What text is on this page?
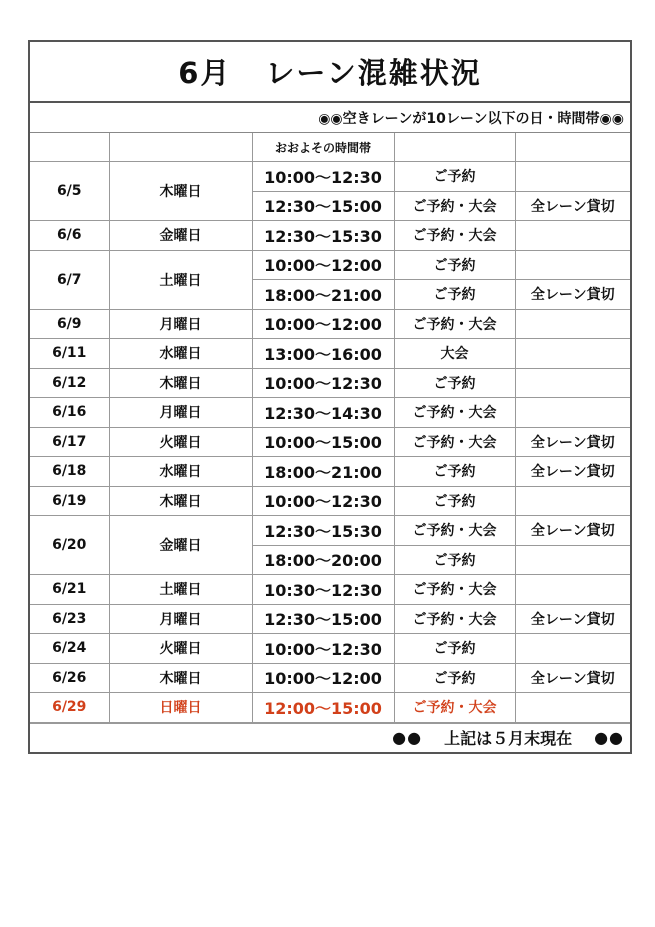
6月 レーン混雑状況
◉◉空きレーンが10レーン以下の日・時間帯◉◉
		おおよその時間帯		
6/5	木曜日	10:00〜12:30	ご予約	
		12:30〜15:00	ご予約・大会	全レーン貸切
6/6	金曜日	12:30〜15:30	ご予約・大会	
6/7	土曜日	10:00〜12:00	ご予約	
		18:00〜21:00	ご予約	全レーン貸切
6/9	月曜日	10:00〜12:00	ご予約・大会	
6/11	水曜日	13:00〜16:00	大会	
6/12	木曜日	10:00〜12:30	ご予約	
6/16	月曜日	12:30〜14:30	ご予約・大会	
6/17	火曜日	10:00〜15:00	ご予約・大会	全レーン貸切
6/18	水曜日	18:00〜21:00	ご予約	全レーン貸切
6/19	木曜日	10:00〜12:30	ご予約	
6/20	金曜日	12:30〜15:30	ご予約・大会	全レーン貸切
		18:00〜20:00	ご予約	
6/21	土曜日	10:30〜12:30	ご予約・大会	
6/23	月曜日	12:30〜15:00	ご予約・大会	全レーン貸切
6/24	火曜日	10:00〜12:30	ご予約	
6/26	木曜日	10:00〜12:00	ご予約	全レーン貸切
6/29	日曜日	12:00〜15:00	ご予約・大会	
●● 上記は５月末現在 ●●
